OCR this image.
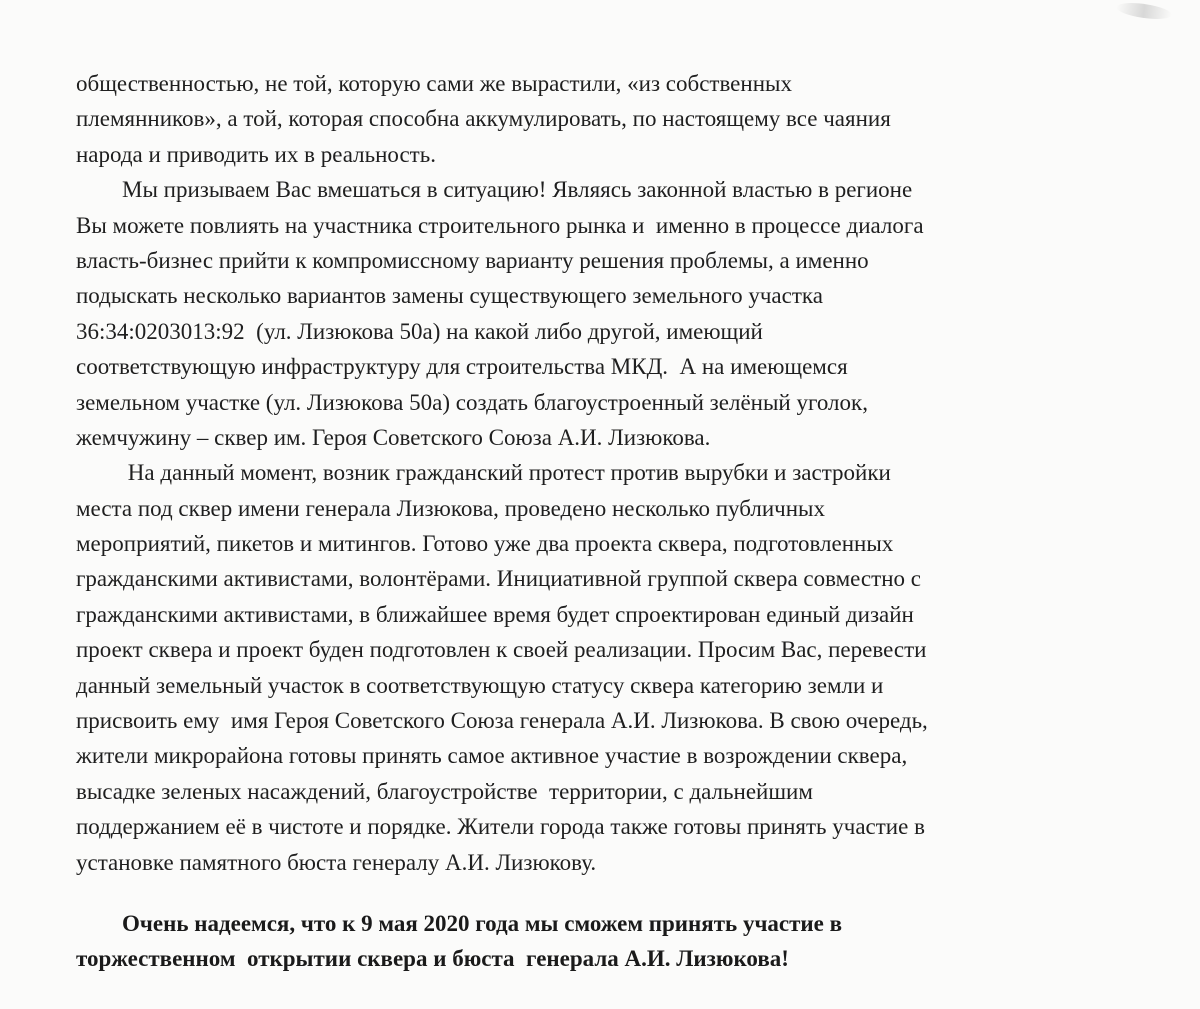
общественностью, не той, которую сами же вырастили, «из собственных
племянников», а той, которая способна аккумулировать, по настоящему все чаяния
народа и приводить их в реальность.
Мы призываем Вас вмешаться в ситуацию! Являясь законной властью в регионе
Вы можете повлиять на участника строительного рынка и  именно в процессе диалога
власть-бизнес прийти к компромиссному варианту решения проблемы, а именно
подыскать несколько вариантов замены существующего земельного участка
36:34:0203013:92  (ул. Лизюкова 50а) на какой либо другой, имеющий
соответствующую инфраструктуру для строительства МКД.  А на имеющемся
земельном участке (ул. Лизюкова 50а) создать благоустроенный зелёный уголок,
жемчужину – сквер им. Героя Советского Союза А.И. Лизюкова.
На данный момент, возник гражданский протест против вырубки и застройки
места под сквер имени генерала Лизюкова, проведено несколько публичных
мероприятий, пикетов и митингов. Готово уже два проекта сквера, подготовленных
гражданскими активистами, волонтёрами. Инициативной группой сквера совместно с
гражданскими активистами, в ближайшее время будет спроектирован единый дизайн
проект сквера и проект буден подготовлен к своей реализации. Просим Вас, перевести
данный земельный участок в соответствующую статусу сквера категорию земли и
присвоить ему  имя Героя Советского Союза генерала А.И. Лизюкова. В свою очередь,
жители микрорайона готовы принять самое активное участие в возрождении сквера,
высадке зеленых насаждений, благоустройстве  территории, с дальнейшим
поддержанием её в чистоте и порядке. Жители города также готовы принять участие в
установке памятного бюста генералу А.И. Лизюкову.
Очень надеемся, что к 9 мая 2020 года мы сможем принять участие в
торжественном  открытии сквера и бюста  генерала А.И. Лизюкова!
